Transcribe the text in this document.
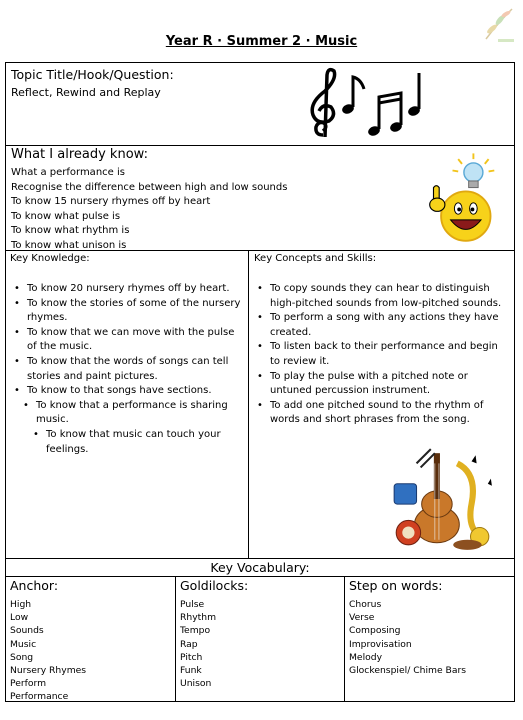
Year R · Summer 2 · Music
Topic Title/Hook/Question:
Reflect, Rewind and Replay
What I already know:
What a performance is
Recognise the difference between high and low sounds
To know 15 nursery rhymes off by heart
To know what pulse is
To know what rhythm is
To know what unison is
Key Knowledge:
• To know 20 nursery rhymes off by heart.
• To know the stories of some of the nursery rhymes.
• To know that we can move with the pulse of the music.
• To know that the words of songs can tell stories and paint pictures.
• To know to that songs have sections.
• To know that a performance is sharing music.
• To know that music can touch your feelings.
Key Concepts and Skills:
• To copy sounds they can hear to distinguish high-pitched sounds from low-pitched sounds.
• To perform a song with any actions they have created.
• To listen back to their performance and begin to review it.
• To play the pulse with a pitched note or untuned percussion instrument.
• To add one pitched sound to the rhythm of words and short phrases from the song.
Key Vocabulary:
Anchor:
High
Low
Sounds
Music
Song
Nursery Rhymes
Perform
Performance
Goldilocks:
Pulse
Rhythm
Tempo
Rap
Pitch
Funk
Unison
Step on words:
Chorus
Verse
Composing
Improvisation
Melody
Glockenspiel/ Chime Bars
